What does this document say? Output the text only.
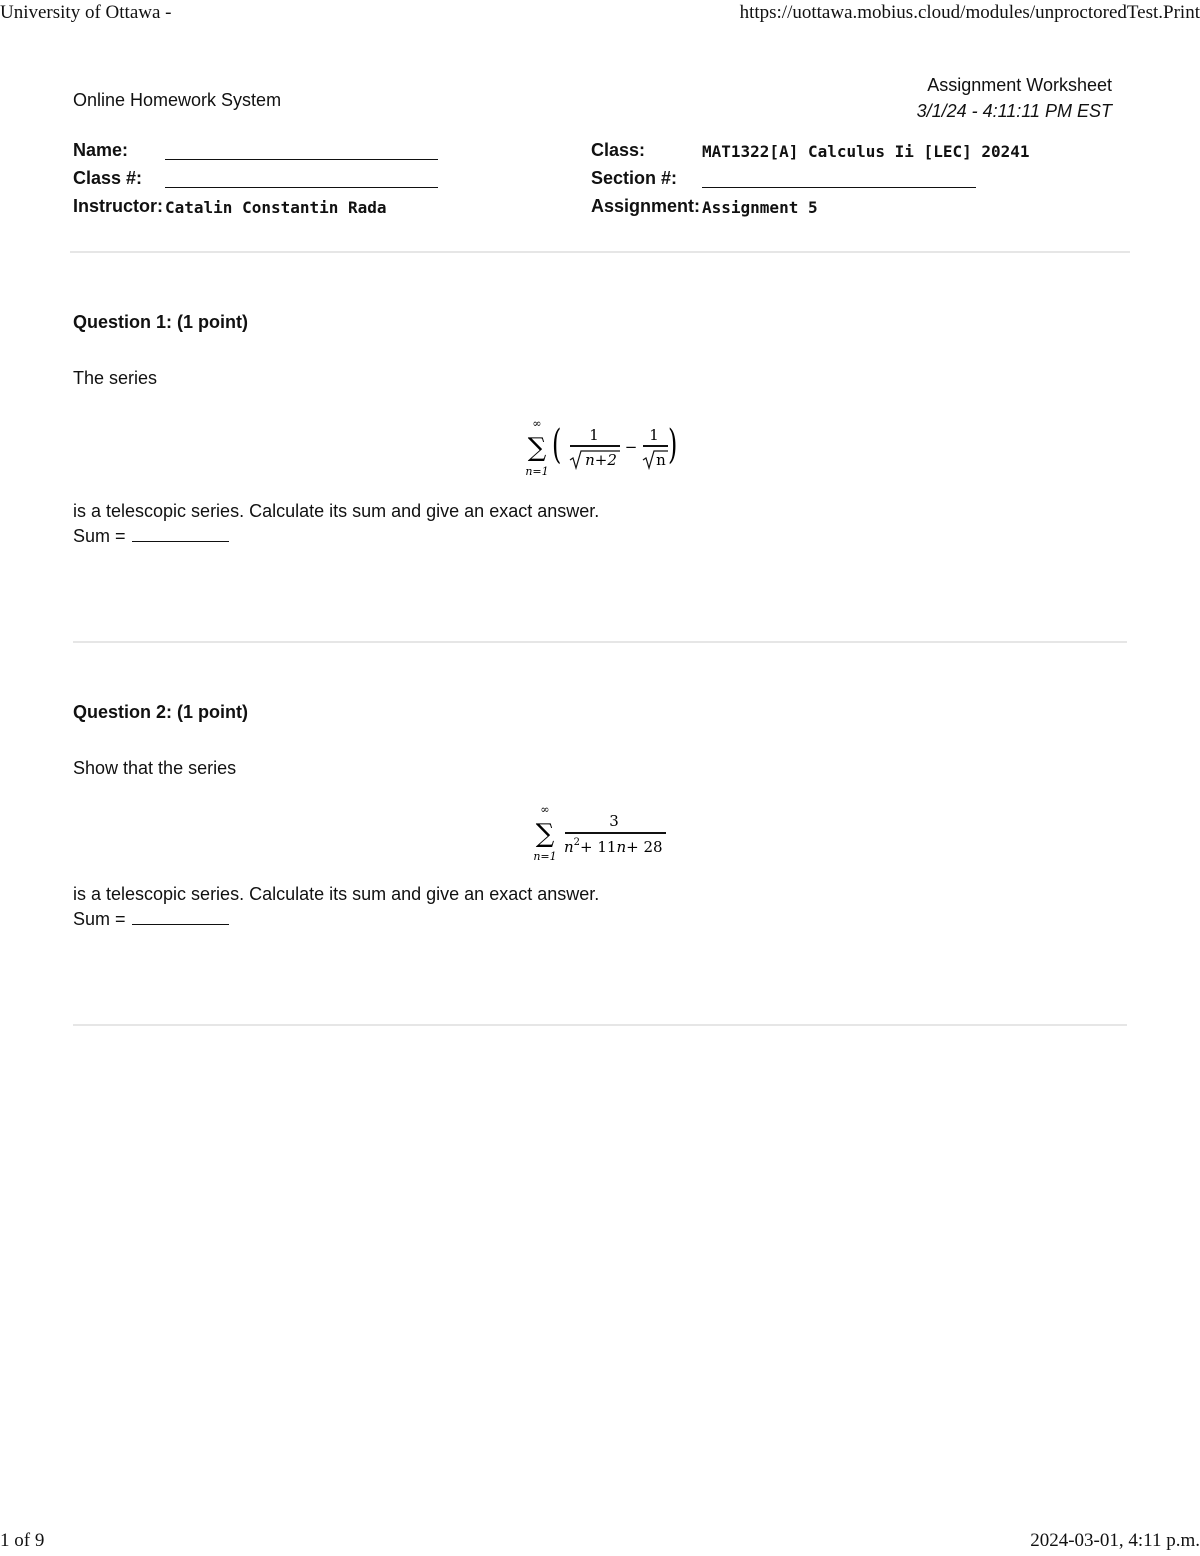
University of Ottawa -	https://uottawa.mobius.cloud/modules/unproctoredTest.Print
Online Homework System
Assignment Worksheet
3/1/24 - 4:11:11 PM EST
Name:
Class #:
Instructor: Catalin Constantin Rada
Class:	MAT1322[A] Calculus Ii [LEC] 20241
Section #:
Assignment: Assignment 5
Question 1: (1 point)
The series
∞
∑
n=1
( 1
n+2
−
1
n )
is a telescopic series. Calculate its sum and give an exact answer.
Sum =
Question 2: (1 point)
Show that the series
∞
∑
n=1
3
$n^2+ 11n+ 28$
is a telescopic series. Calculate its sum and give an exact answer.
Sum =
1 of 9	2024-03-01, 4:11 p.m.
